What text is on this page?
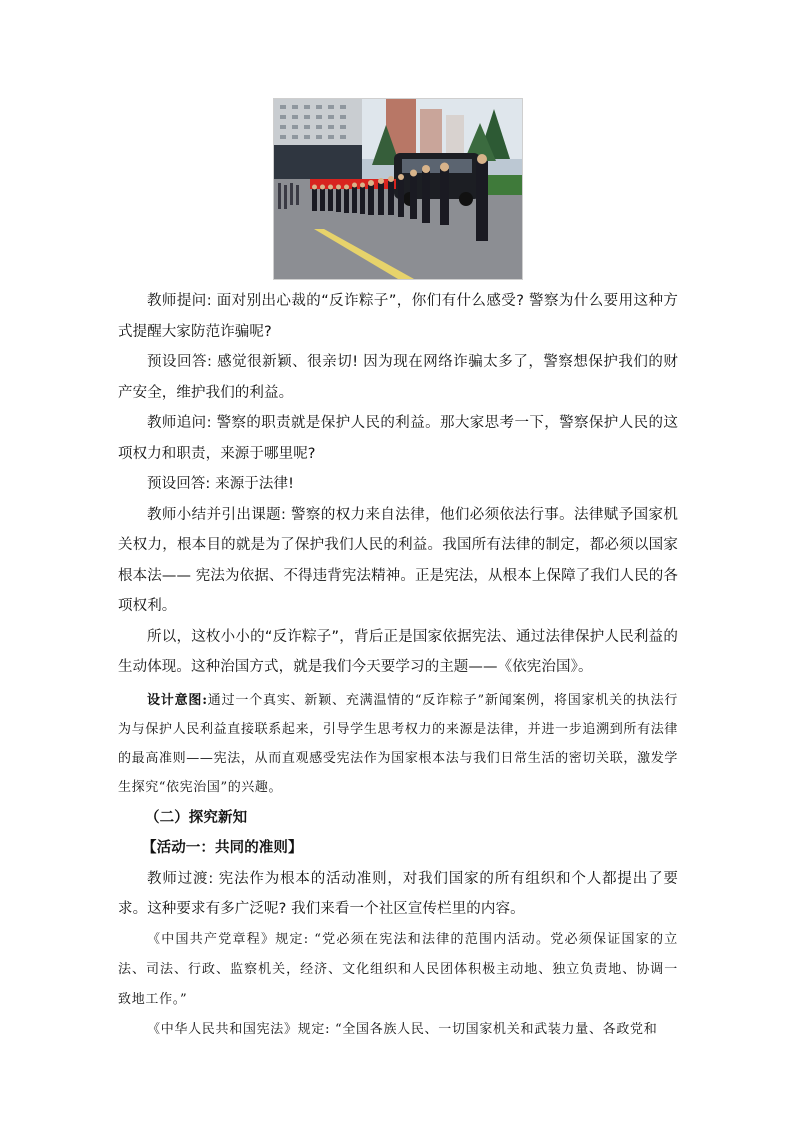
教师提问: 面对别出心裁的“反诈粽子”，你们有什么感受? 警察为什么要用这种方式提醒大家防范诈骗呢?

预设回答: 感觉很新颖、很亲切! 因为现在网络诈骗太多了，警察想保护我们的财产安全，维护我们的利益。

教师追问: 警察的职责就是保护人民的利益。那大家思考一下，警察保护人民的这项权力和职责，来源于哪里呢?

预设回答: 来源于法律!

教师小结并引出课题: 警察的权力来自法律，他们必须依法行事。法律赋予国家机关权力，根本目的就是为了保护我们人民的利益。我国所有法律的制定，都必须以国家根本法—— 宪法为依据、不得违背宪法精神。正是宪法，从根本上保障了我们人民的各项权利。

所以，这枚小小的“反诈粽子”，背后正是国家依据宪法、通过法律保护人民利益的生动体现。这种治国方式，就是我们今天要学习的主题——《依宪治国》。

设计意图:通过一个真实、新颖、充满温情的“反诈粽子”新闻案例，将国家机关的执法行为与保护人民利益直接联系起来，引导学生思考权力的来源是法律，并进一步追溯到所有法律的最高准则——宪法，从而直观感受宪法作为国家根本法与我们日常生活的密切关联，激发学生探究“依宪治国”的兴趣。

（二）探究新知

【活动一：共同的准则】

教师过渡: 宪法作为根本的活动准则，对我们国家的所有组织和个人都提出了要求。这种要求有多广泛呢? 我们来看一个社区宣传栏里的内容。

《中国共产党章程》规定: “党必须在宪法和法律的范围内活动。党必须保证国家的立法、司法、行政、监察机关，经济、文化组织和人民团体积极主动地、独立负责地、协调一致地工作。”

《中华人民共和国宪法》规定: “全国各族人民、一切国家机关和武装力量、各政党和
